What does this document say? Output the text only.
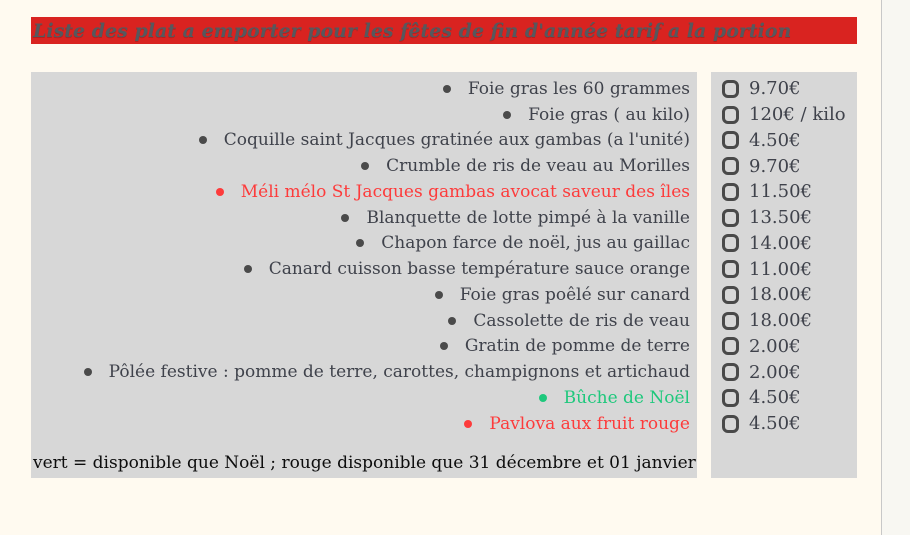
Liste des plat a emporter pour les fêtes de fin d'année tarif a la portion
Foie gras les 60 grammes
Foie gras ( au kilo)
Coquille saint Jacques gratinée aux gambas (a l'unité)
Crumble de ris de veau au Morilles
Méli mélo St Jacques gambas avocat saveur des îles
Blanquette de lotte pimpé à la vanille
Chapon farce de noël, jus au gaillac
Canard cuisson basse température sauce orange
Foie gras poêlé sur canard
Cassolette de ris de veau
Gratin de pomme de terre
Pôlée festive : pomme de terre, carottes, champignons et artichaud
Bûche de Noël
Pavlova aux fruit rouge
vert = disponible que Noël ; rouge disponible que 31 décembre et 01 janvier
9.70€
120€ / kilo
4.50€
9.70€
11.50€
13.50€
14.00€
11.00€
18.00€
18.00€
2.00€
2.00€
4.50€
4.50€
